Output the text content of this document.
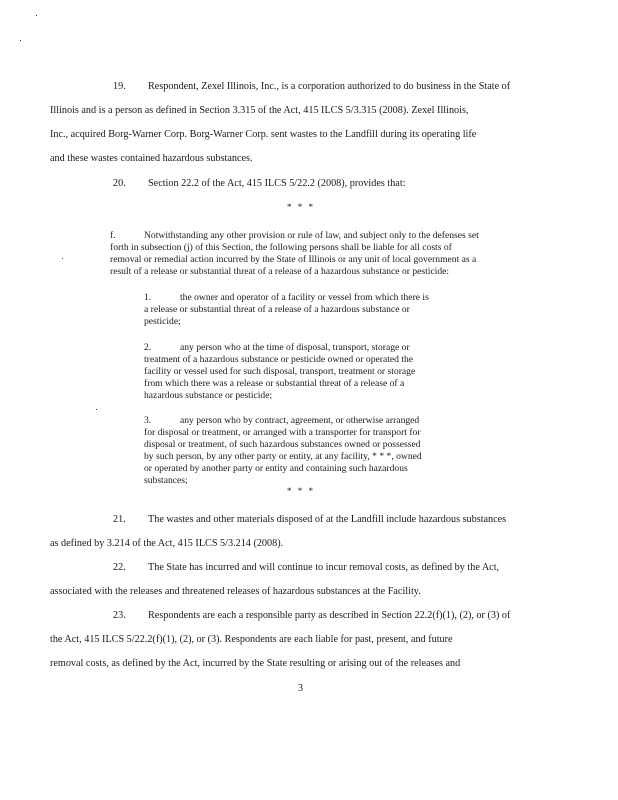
19. Respondent, Zexel Illinois, Inc., is a corporation authorized to do business in the State of
Illinois and is a person as defined in Section 3.315 of the Act, 415 ILCS 5/3.315 (2008). Zexel Illinois,
Inc., acquired Borg-Warner Corp. Borg-Warner Corp. sent wastes to the Landfill during its operating life
and these wastes contained hazardous substances.
20. Section 22.2 of the Act, 415 ILCS 5/22.2 (2008), provides that:
* * *
f.	Notwithstanding any other provision or rule of law, and subject only to the defenses set
forth in subsection (j) of this Section, the following persons shall be liable for all costs of
removal or remedial action incurred by the State of Illinois or any unit of local government as a
result of a release or substantial threat of a release of a hazardous substance or pesticide:
1.	the owner and operator of a facility or vessel from which there is
a release or substantial threat of a release of a hazardous substance or
pesticide;
2.	any person who at the time of disposal, transport, storage or
treatment of a hazardous substance or pesticide owned or operated the
facility or vessel used for such disposal, transport, treatment or storage
from which there was a release or substantial threat of a release of a
hazardous substance or pesticide;
3.	any person who by contract, agreement, or otherwise arranged
for disposal or treatment, or arranged with a transporter for transport for
disposal or treatment, of such hazardous substances owned or possessed
by such person, by any other party or entity, at any facility, * * *, owned
or operated by another party or entity and containing such hazardous
substances;
* * *
21. The wastes and other materials disposed of at the Landfill include hazardous substances
as defined by 3.214 of the Act, 415 ILCS 5/3.214 (2008).
22. The State has incurred and will continue to incur removal costs, as defined by the Act,
associated with the releases and threatened releases of hazardous substances at the Facility.
23. Respondents are each a responsible party as described in Section 22.2(f)(1), (2), or (3) of
the Act, 415 ILCS 5/22.2(f)(1), (2), or (3). Respondents are each liable for past, present, and future
removal costs, as defined by the Act, incurred by the State resulting or arising out of the releases and
3
